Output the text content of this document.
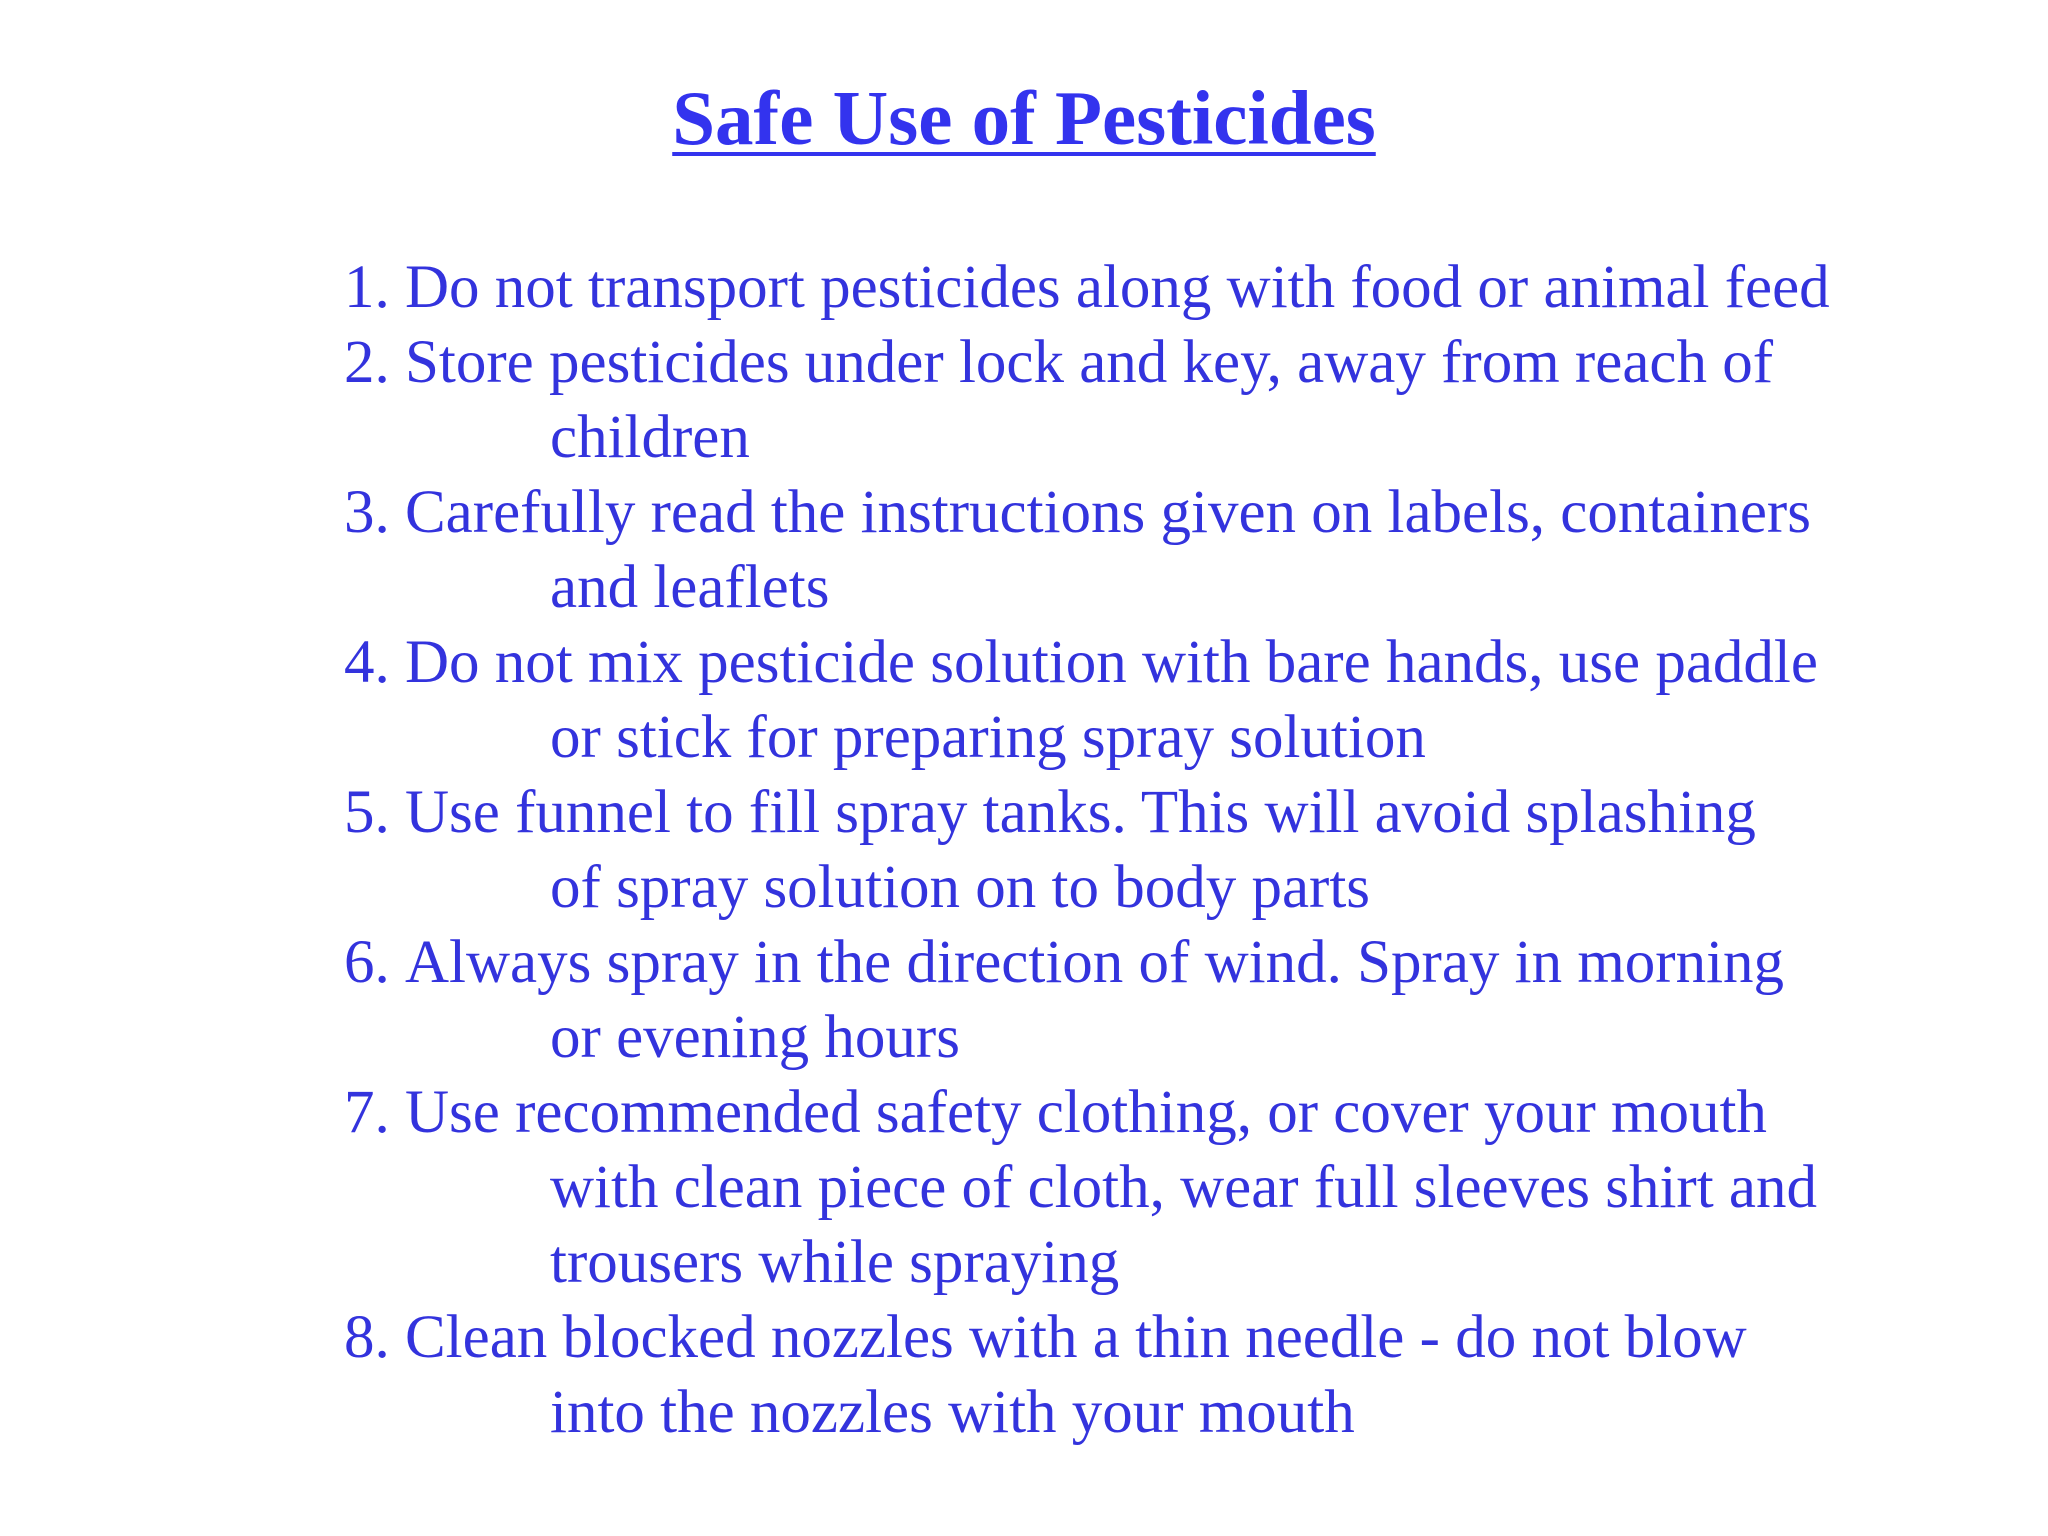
Safe Use of Pesticides
1. Do not transport pesticides along with food or animal feed
2. Store pesticides under lock and key, away from reach of
children
3. Carefully read the instructions given on labels, containers
and leaflets
4. Do not mix pesticide solution with bare hands, use paddle
or stick for preparing spray solution
5. Use funnel to fill spray tanks. This will avoid splashing
of spray solution on to body parts
6. Always spray in the direction of wind. Spray in morning
or evening hours
7. Use recommended safety clothing, or cover your mouth
with clean piece of cloth, wear full sleeves shirt and
trousers while spraying
8. Clean blocked nozzles with a thin needle - do not blow
into the nozzles with your mouth
